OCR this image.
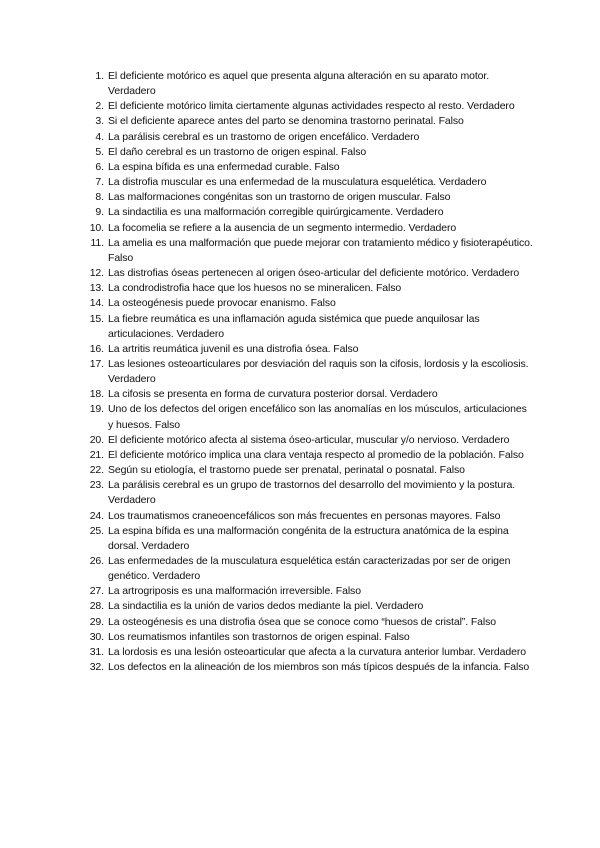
1 . El deficiente motórico es aquel que presenta alguna alteración en su aparato motor. Verdadero
2 . El deficiente motórico limita ciertamente algunas actividades respecto al resto. Verdadero
3 . Si el deficiente aparece antes del parto se denomina trastorno perinatal. Falso
4 . La parálisis cerebral es un trastorno de origen encefálico. Verdadero
5 . El daño cerebral es un trastorno de origen espinal. Falso
6 . La espina bífida es una enfermedad curable. Falso
7 . La distrofia muscular es una enfermedad de la musculatura esquelética. Verdadero
8 . Las malformaciones congénitas son un trastorno de origen muscular. Falso
9 . La sindactilia es una malformación corregible quirúrgicamente. Verdadero
10 . La focomelia se refiere a la ausencia de un segmento intermedio. Verdadero
11 . La amelia es una malformación que puede mejorar con tratamiento médico y fisioterapéutico. Falso
12 . Las distrofias óseas pertenecen al origen óseo-articular del deficiente motórico. Verdadero
13 . La condrodistrofia hace que los huesos no se mineralicen. Falso
14 . La osteogénesis puede provocar enanismo. Falso
15 . La fiebre reumática es una inflamación aguda sistémica que puede anquilosar las articulaciones. Verdadero
16 . La artritis reumática juvenil es una distrofia ósea. Falso
17 . Las lesiones osteoarticulares por desviación del raquis son la cifosis, lordosis y la escoliosis. Verdadero
18 . La cifosis se presenta en forma de curvatura posterior dorsal. Verdadero
19 . Uno de los defectos del origen encefálico son las anomalías en los músculos, articulaciones y huesos. Falso
20 . El deficiente motórico afecta al sistema óseo-articular, muscular y/o nervioso. Verdadero
21 . El deficiente motórico implica una clara ventaja respecto al promedio de la población. Falso
22 . Según su etiología, el trastorno puede ser prenatal, perinatal o posnatal. Falso
23 . La parálisis cerebral es un grupo de trastornos del desarrollo del movimiento y la postura. Verdadero
24 . Los traumatismos craneoencefálicos son más frecuentes en personas mayores. Falso
25 . La espina bífida es una malformación congénita de la estructura anatómica de la espina dorsal. Verdadero
26 . Las enfermedades de la musculatura esquelética están caracterizadas por ser de origen genético. Verdadero
27 . La artrogriposis es una malformación irreversible. Falso
28 . La sindactilia es la unión de varios dedos mediante la piel. Verdadero
29 . La osteogénesis es una distrofia ósea que se conoce como “huesos de cristal”. Falso
30 . Los reumatismos infantiles son trastornos de origen espinal. Falso
31 . La lordosis es una lesión osteoarticular que afecta a la curvatura anterior lumbar. Verdadero
32 . Los defectos en la alineación de los miembros son más típicos después de la infancia. Falso
